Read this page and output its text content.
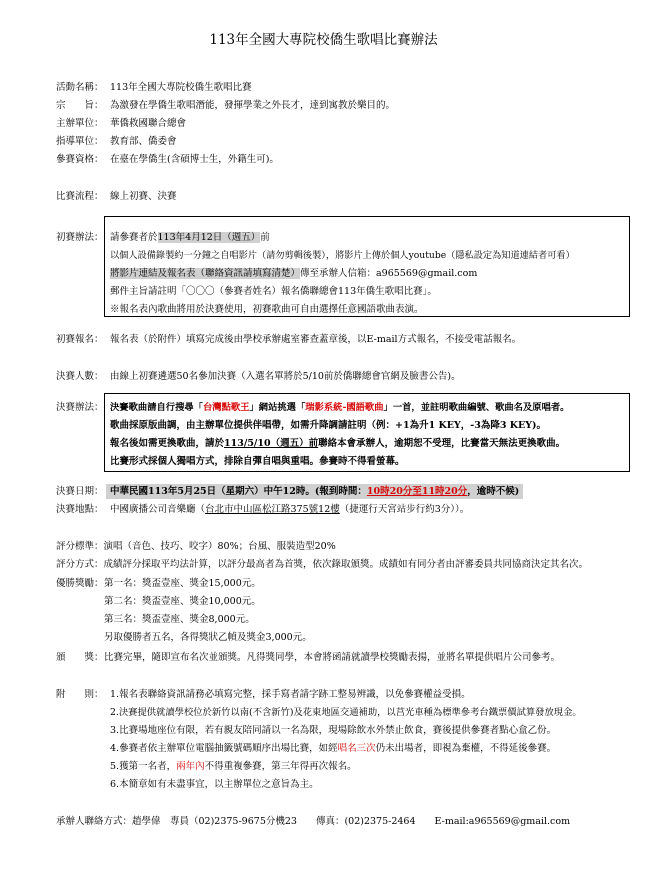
113年全國大專院校僑生歌唱比賽辦法
活動名稱： 113年全國大專院校僑生歌唱比賽
宗　　旨： 為激發在學僑生歌唱潛能，發揮學業之外長才，達到寓教於樂目的。
主辦單位： 華僑救國聯合總會
指導單位： 教育部、僑委會
參賽資格： 在臺在學僑生(含碩博士生，外籍生可)。
比賽流程： 線上初賽、決賽
初賽辦法： 請參賽者於113年4月12日（週五）前
以個人設備錄製約一分鐘之自唱影片（請勿剪輯後製），將影片上傳於個人youtube（隱私設定為知道連結者可看）
將影片連結及報名表（聯絡資訊請填寫清楚）傳至承辦人信箱：a965569@gmail.com
郵件主旨請註明「〇〇〇（參賽者姓名）報名僑聯總會113年僑生歌唱比賽」。
※報名表內歌曲將用於決賽使用，初賽歌曲可自由選擇任意國語歌曲表演。
初賽報名： 報名表（於附件）填寫完成後由學校承辦處室審查蓋章後，以E-mail方式報名，不接受電話報名。
決賽人數： 由線上初賽遴選50名參加決賽（入選名單將於5/10前於僑聯總會官網及臉書公告)。
決賽辦法： 決賽歌曲請自行搜尋「台灣點歌王」網站挑選「瑞影系統-國語歌曲」一首，並註明歌曲編號、歌曲名及原唱者。
歌曲採原版曲調，由主辦單位提供伴唱帶，如需升降調請註明（例：+1為升1 KEY，-3為降3 KEY)。
報名後如需更換歌曲，請於113/5/10（週五）前聯絡本會承辦人，逾期恕不受理，比賽當天無法更換歌曲。
比賽形式採個人獨唱方式，排除自彈自唱與重唱。參賽時不得看螢幕。
決賽日期： 中華民國113年5月25日（星期六）中午12時。(報到時間：10時20分至11時20分，逾時不候)
決賽地點： 中國廣播公司音樂廳（台北市中山區松江路375號12樓（捷運行天宮站步行約3分））。
評分標準：演唱（音色、技巧、咬字）80%；台風、服裝造型20%
評分方式：成績評分採取平均法計算，以評分最高者為首獎，依次錄取頒獎。成績如有同分者由評審委員共同協商決定其名次。
優勝獎勵： 第一名：獎盃壹座、獎金15,000元。
第二名：獎盃壹座、獎金10,000元。
第三名：獎盃壹座、獎金8,000元。
另取優勝者五名，各得獎狀乙幀及獎金3,000元。
頒　　獎： 比賽完畢，隨即宣布名次並頒獎。凡得獎同學，本會將函請就讀學校獎勵表揚，並將名單提供唱片公司參考。
附　　則： 1.報名表聯絡資訊請務必填寫完整，採手寫者請字跡工整易辨識，以免參賽權益受損。
2.決賽提供就讀學校位於新竹以南(不含新竹)及花東地區交通補助，以莒光車種為標準參考台鐵票價試算發放現金。
3.比賽場地座位有限，若有親友陪同請以一名為限，現場除飲水外禁止飲食，賽後提供參賽者點心盒乙份。
4.參賽者依主辦單位電腦抽籤號碼順序出場比賽，如經唱名三次仍未出場者，即視為棄權，不得延後參賽。
5.獲第一名者，兩年內不得重複參賽，第三年得再次報名。
6.本簡章如有未盡事宜，以主辦單位之意旨為主。
承辦人聯絡方式：趙學偉　專員（02)2375-9675分機23　　傳真：(02)2375-2464　　E-mail:a965569@gmail.com
